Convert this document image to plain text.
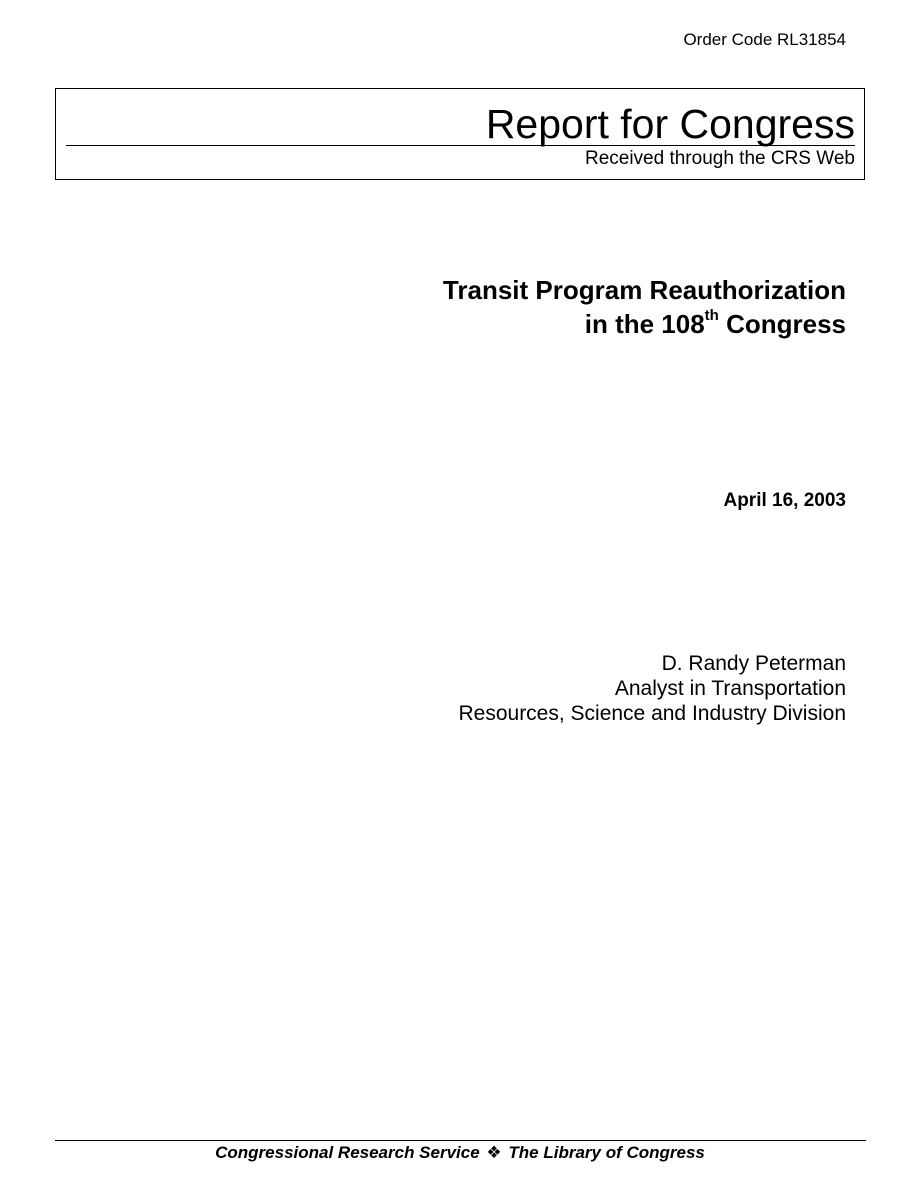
Order Code RL31854
Report for Congress
Received through the CRS Web
Transit Program Reauthorization
in the 108th Congress
April 16, 2003
D. Randy Peterman
Analyst in Transportation
Resources, Science and Industry Division
Congressional Research Service ❖ The Library of Congress
